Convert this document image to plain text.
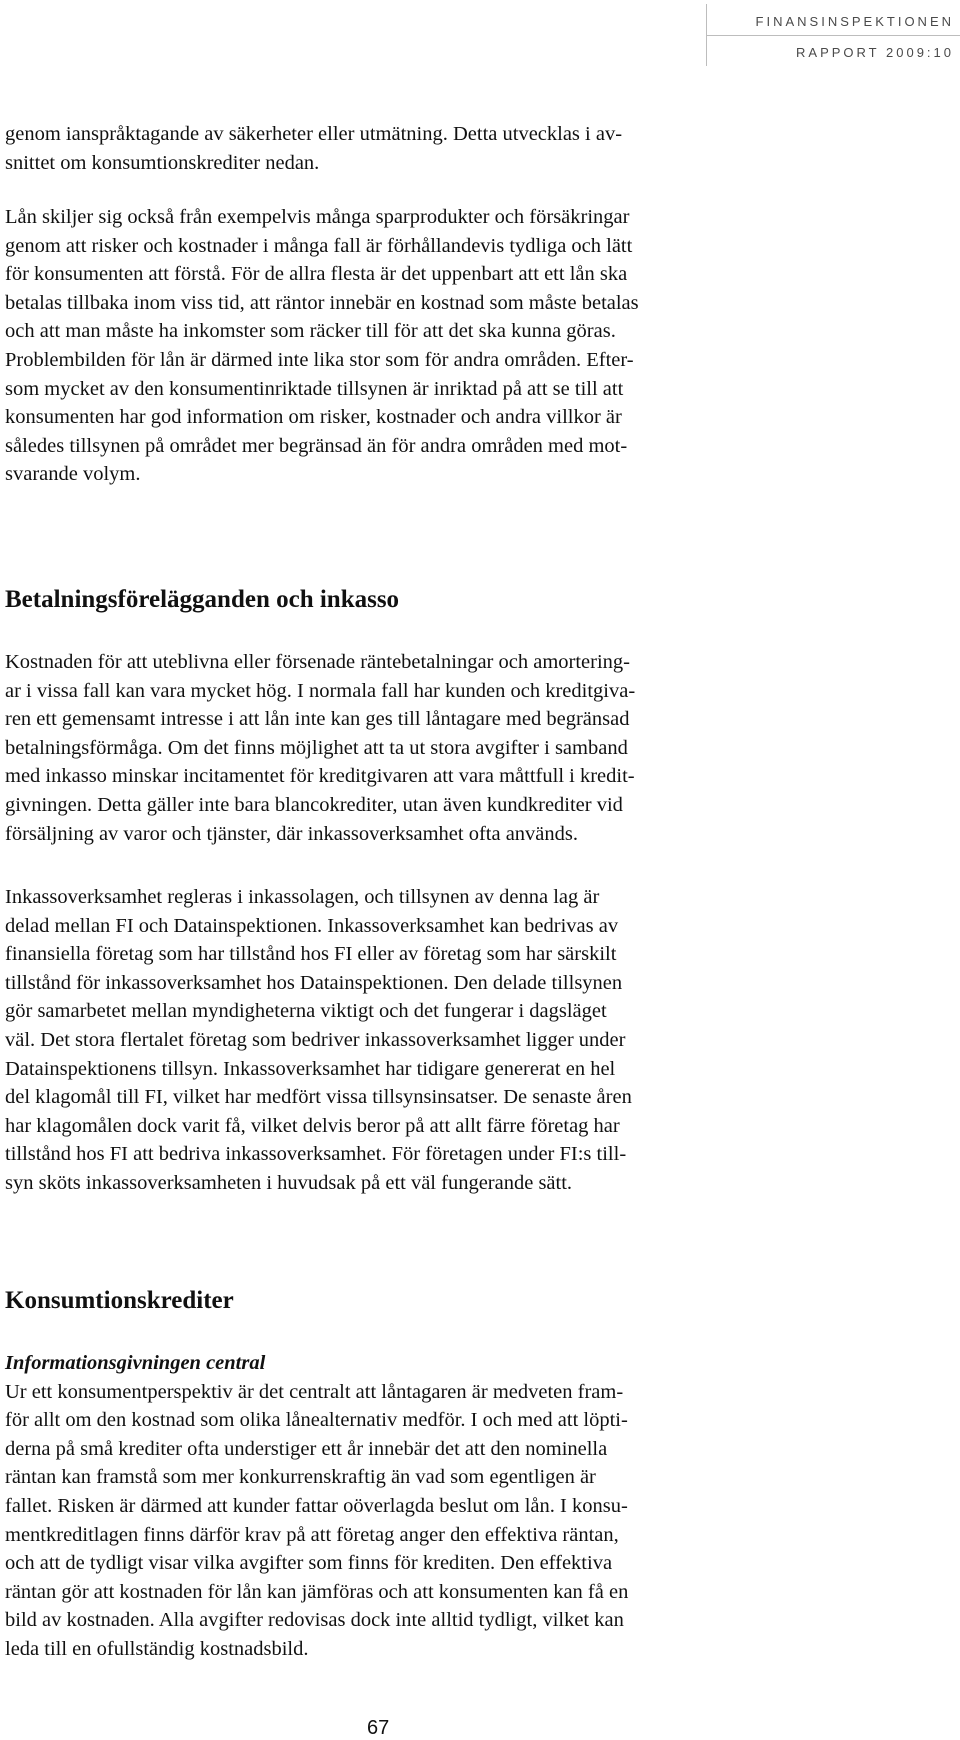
FINANSINSPEKTIONEN
RAPPORT 2009:10
genom ianspråktagande av säkerheter eller utmätning. Detta utvecklas i av-
snittet om konsumtionskrediter nedan.
Lån skiljer sig också från exempelvis många sparprodukter och försäkringar
genom att risker och kostnader i många fall är förhållandevis tydliga och lätt
för konsumenten att förstå. För de allra flesta är det uppenbart att ett lån ska
betalas tillbaka inom viss tid, att räntor innebär en kostnad som måste betalas
och att man måste ha inkomster som räcker till för att det ska kunna göras.
Problembilden för lån är därmed inte lika stor som för andra områden. Efter-
som mycket av den konsumentinriktade tillsynen är inriktad på att se till att
konsumenten har god information om risker, kostnader och andra villkor är
således tillsynen på området mer begränsad än för andra områden med mot-
svarande volym.
Betalningsförelägganden och inkasso
Kostnaden för att uteblivna eller försenade räntebetalningar och amortering-
ar i vissa fall kan vara mycket hög. I normala fall har kunden och kreditgiva-
ren ett gemensamt intresse i att lån inte kan ges till låntagare med begränsad
betalningsförmåga. Om det finns möjlighet att ta ut stora avgifter i samband
med inkasso minskar incitamentet för kreditgivaren att vara måttfull i kredit-
givningen. Detta gäller inte bara blancokrediter, utan även kundkrediter vid
försäljning av varor och tjänster, där inkassoverksamhet ofta används.
Inkassoverksamhet regleras i inkassolagen, och tillsynen av denna lag är
delad mellan FI och Datainspektionen. Inkassoverksamhet kan bedrivas av
finansiella företag som har tillstånd hos FI eller av företag som har särskilt
tillstånd för inkassoverksamhet hos Datainspektionen. Den delade tillsynen
gör samarbetet mellan myndigheterna viktigt och det fungerar i dagsläget
väl. Det stora flertalet företag som bedriver inkassoverksamhet ligger under
Datainspektionens tillsyn. Inkassoverksamhet har tidigare genererat en hel
del klagomål till FI, vilket har medfört vissa tillsynsinsatser. De senaste åren
har klagomålen dock varit få, vilket delvis beror på att allt färre företag har
tillstånd hos FI att bedriva inkassoverksamhet. För företagen under FI:s till-
syn sköts inkassoverksamheten i huvudsak på ett väl fungerande sätt.
Konsumtionskrediter
Informationsgivningen central
Ur ett konsumentperspektiv är det centralt att låntagaren är medveten fram-
för allt om den kostnad som olika lånealternativ medför. I och med att löpti-
derna på små krediter ofta understiger ett år innebär det att den nominella
räntan kan framstå som mer konkurrenskraftig än vad som egentligen är
fallet. Risken är därmed att kunder fattar oöverlagda beslut om lån. I konsu-
mentkreditlagen finns därför krav på att företag anger den effektiva räntan,
och att de tydligt visar vilka avgifter som finns för krediten. Den effektiva
räntan gör att kostnaden för lån kan jämföras och att konsumenten kan få en
bild av kostnaden. Alla avgifter redovisas dock inte alltid tydligt, vilket kan
leda till en ofullständig kostnadsbild.
67
